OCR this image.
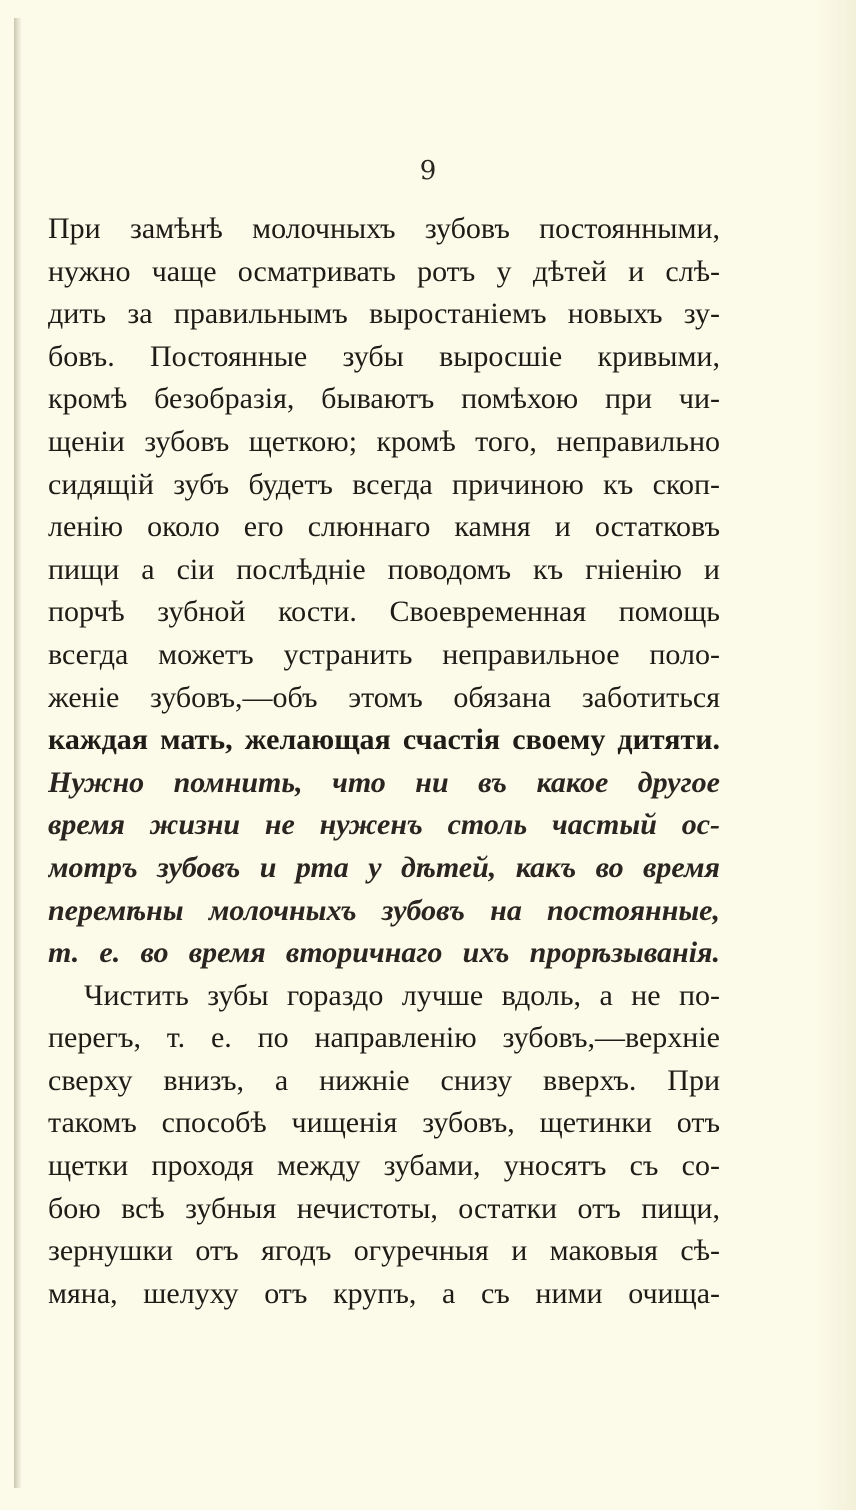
9
При замѣнѣ молочныхъ зубовъ постоянными,
нужно чаще осматривать ротъ у дѣтей и слѣ-
дить за правильнымъ выростаніемъ новыхъ зу-
бовъ. Постоянные зубы выросшіе кривыми,
кромѣ безобразія, бываютъ помѣхою при чи-
щеніи зубовъ щеткою; кромѣ того, неправильно
сидящій зубъ будетъ всегда причиною къ скоп-
ленію около его слюннаго камня и остатковъ
пищи а сіи послѣдніе поводомъ къ гніенію и
порчѣ зубной кости. Своевременная помощь
всегда можетъ устранить неправильное поло-
женіе зубовъ,—объ этомъ обязана заботиться
каждая мать, желающая счастія своему дитяти.
Нужно помнить, что ни въ какое другое
время жизни не нуженъ столь частый ос-
мотръ зубовъ и рта у дѣтей, какъ во время
перемѣны молочныхъ зубовъ на постоянные,
т. е. во время вторичнаго ихъ прорѣзыванія.
Чистить зубы гораздо лучше вдоль, а не по-
перегъ, т. е. по направленію зубовъ,—верхніе
сверху внизъ, а нижніе снизу вверхъ. При
такомъ способѣ чищенія зубовъ, щетинки отъ
щетки проходя между зубами, уносятъ съ со-
бою всѣ зубныя нечистоты, остатки отъ пищи,
зернушки отъ ягодъ огуречныя и маковыя сѣ-
мяна, шелуху отъ крупъ, а съ ними очища-
